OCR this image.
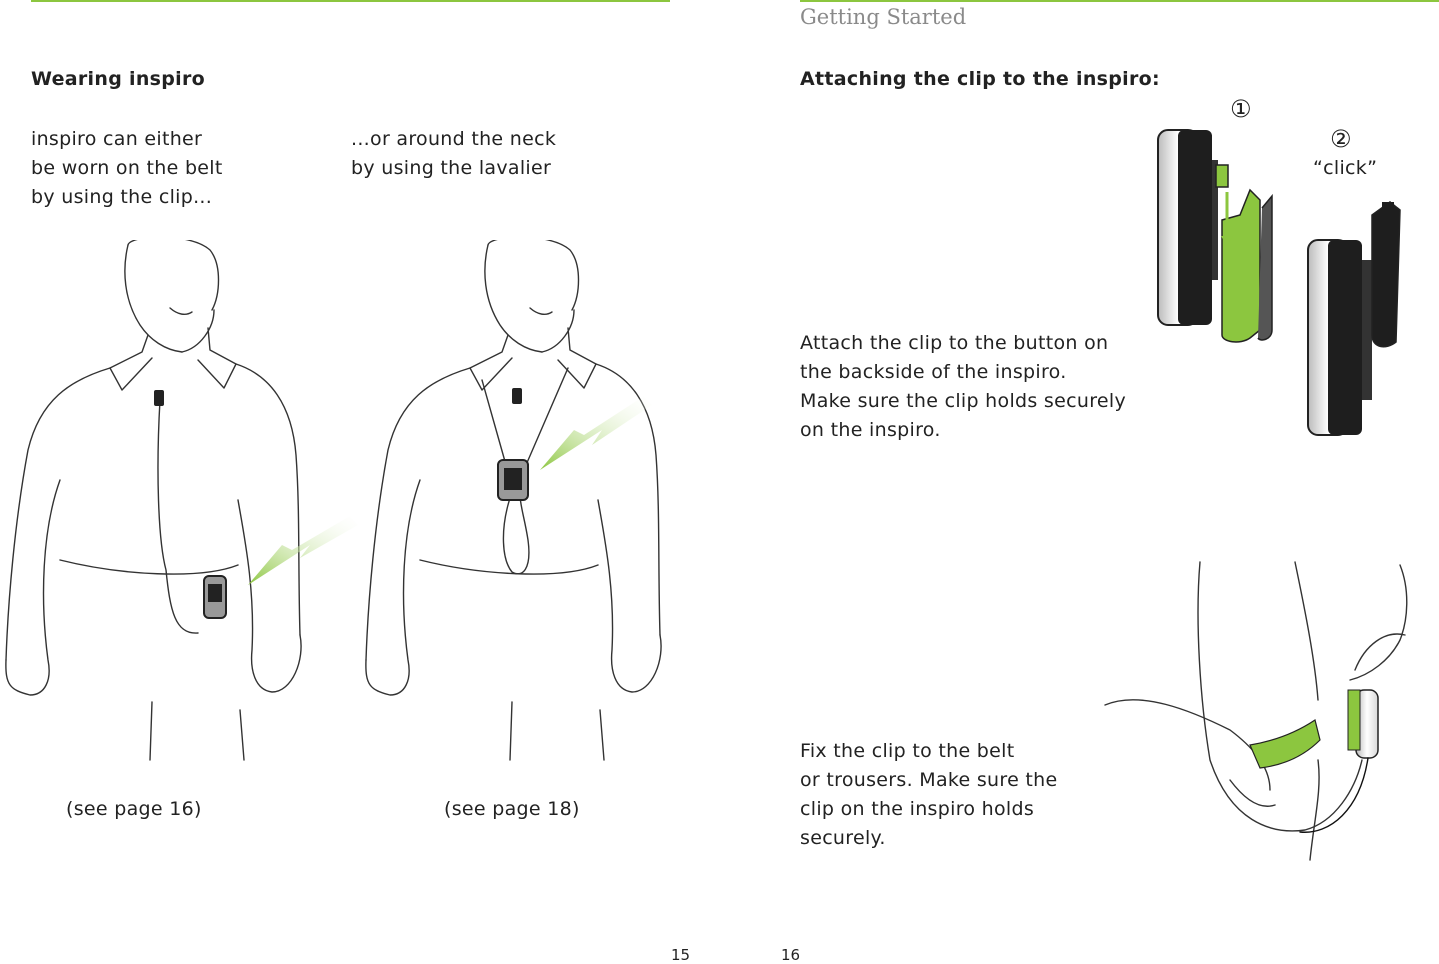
Wearing inspiro
inspiro can either
be worn on the belt
by using the clip...
...or around the neck
by using the lavalier
(see page 16)	(see page 18)
15
Getting Started
Attaching the clip to the inspiro:
①
②
“click”
Attach the clip to the button on
the backside of the inspiro.
Make sure the clip holds securely
on the inspiro.
Fix the clip to the belt
or trousers. Make sure the
clip on the inspiro holds
securely.
16
